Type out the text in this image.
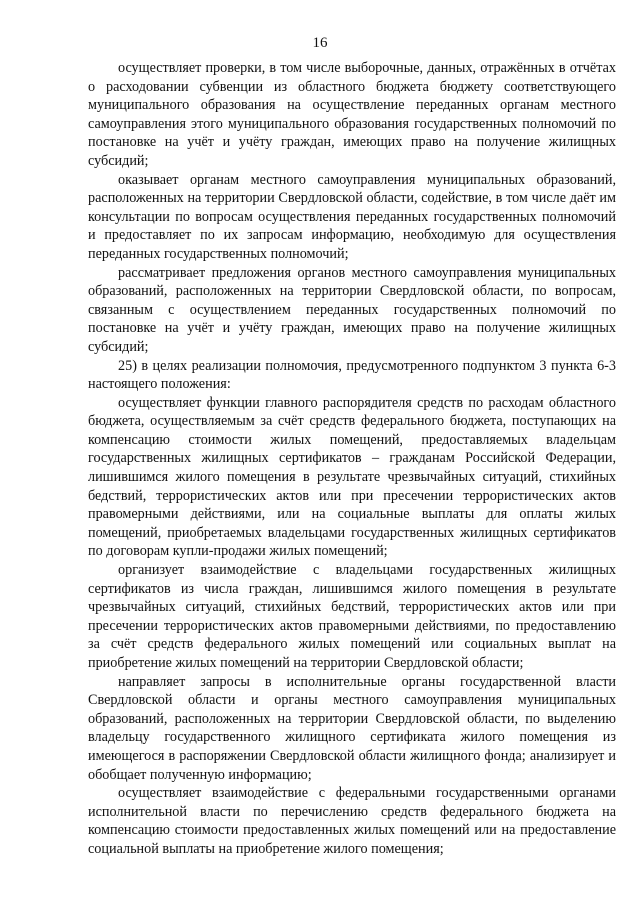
16

осуществляет проверки, в том числе выборочные, данных, отражённых в отчётах о расходовании субвенции из областного бюджета бюджету соответствующего муниципального образования на осуществление переданных органам местного самоуправления этого муниципального образования государственных полномочий по постановке на учёт и учёту граждан, имеющих право на получение жилищных субсидий;

оказывает органам местного самоуправления муниципальных образований, расположенных на территории Свердловской области, содействие, в том числе даёт им консультации по вопросам осуществления переданных государственных полномочий и предоставляет по их запросам информацию, необходимую для осуществления переданных государственных полномочий;

рассматривает предложения органов местного самоуправления муниципальных образований, расположенных на территории Свердловской области, по вопросам, связанным с осуществлением переданных государственных полномочий по постановке на учёт и учёту граждан, имеющих право на получение жилищных субсидий;

25) в целях реализации полномочия, предусмотренного подпунктом 3 пункта 6-3 настоящего положения:

осуществляет функции главного распорядителя средств по расходам областного бюджета, осуществляемым за счёт средств федерального бюджета, поступающих на компенсацию стоимости жилых помещений, предоставляемых владельцам государственных жилищных сертификатов – гражданам Российской Федерации, лишившимся жилого помещения в результате чрезвычайных ситуаций, стихийных бедствий, террористических актов или при пресечении террористических актов правомерными действиями, или на социальные выплаты для оплаты жилых помещений, приобретаемых владельцами государственных жилищных сертификатов по договорам купли-продажи жилых помещений;

организует взаимодействие с владельцами государственных жилищных сертификатов из числа граждан, лишившимся жилого помещения в результате чрезвычайных ситуаций, стихийных бедствий, террористических актов или при пресечении террористических актов правомерными действиями, по предоставлению за счёт средств федерального жилых помещений или социальных выплат на приобретение жилых помещений на территории Свердловской области;

направляет запросы в исполнительные органы государственной власти Свердловской области и органы местного самоуправления муниципальных образований, расположенных на территории Свердловской области, по выделению владельцу государственного жилищного сертификата жилого помещения из имеющегося в распоряжении Свердловской области жилищного фонда; анализирует и обобщает полученную информацию;

осуществляет взаимодействие с федеральными государственными органами исполнительной власти по перечислению средств федерального бюджета на компенсацию стоимости предоставленных жилых помещений или на предоставление социальной выплаты на приобретение жилого помещения;
